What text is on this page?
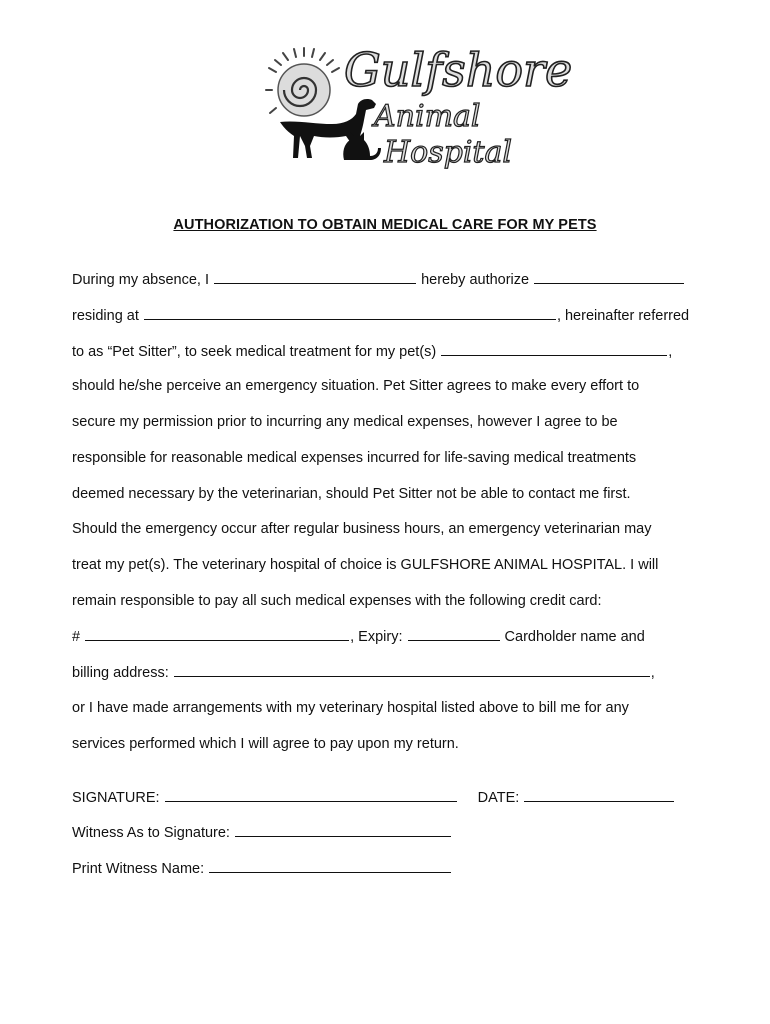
Gulfshore
Animal
Hospital
AUTHORIZATION TO OBTAIN MEDICAL CARE FOR MY PETS
During my absence, I	hereby authorize
residing at	, hereinafter referred
to as “Pet Sitter”, to seek medical treatment for my pet(s)	,
should he/she perceive an emergency situation. Pet Sitter agrees to make every effort to
secure my permission prior to incurring any medical expenses, however I agree to be
responsible for reasonable medical expenses incurred for life-saving medical treatments
deemed necessary by the veterinarian, should Pet Sitter not be able to contact me first.
Should the emergency occur after regular business hours, an emergency veterinarian may
treat my pet(s). The veterinary hospital of choice is GULFSHORE ANIMAL HOSPITAL. I will
remain responsible to pay all such medical expenses with the following credit card:
#	, Expiry:	Cardholder name and
billing address:	,
or I have made arrangements with my veterinary hospital listed above to bill me for any
services performed which I will agree to pay upon my return.
SIGNATURE:	DATE:
Witness As to Signature:
Print Witness Name:
